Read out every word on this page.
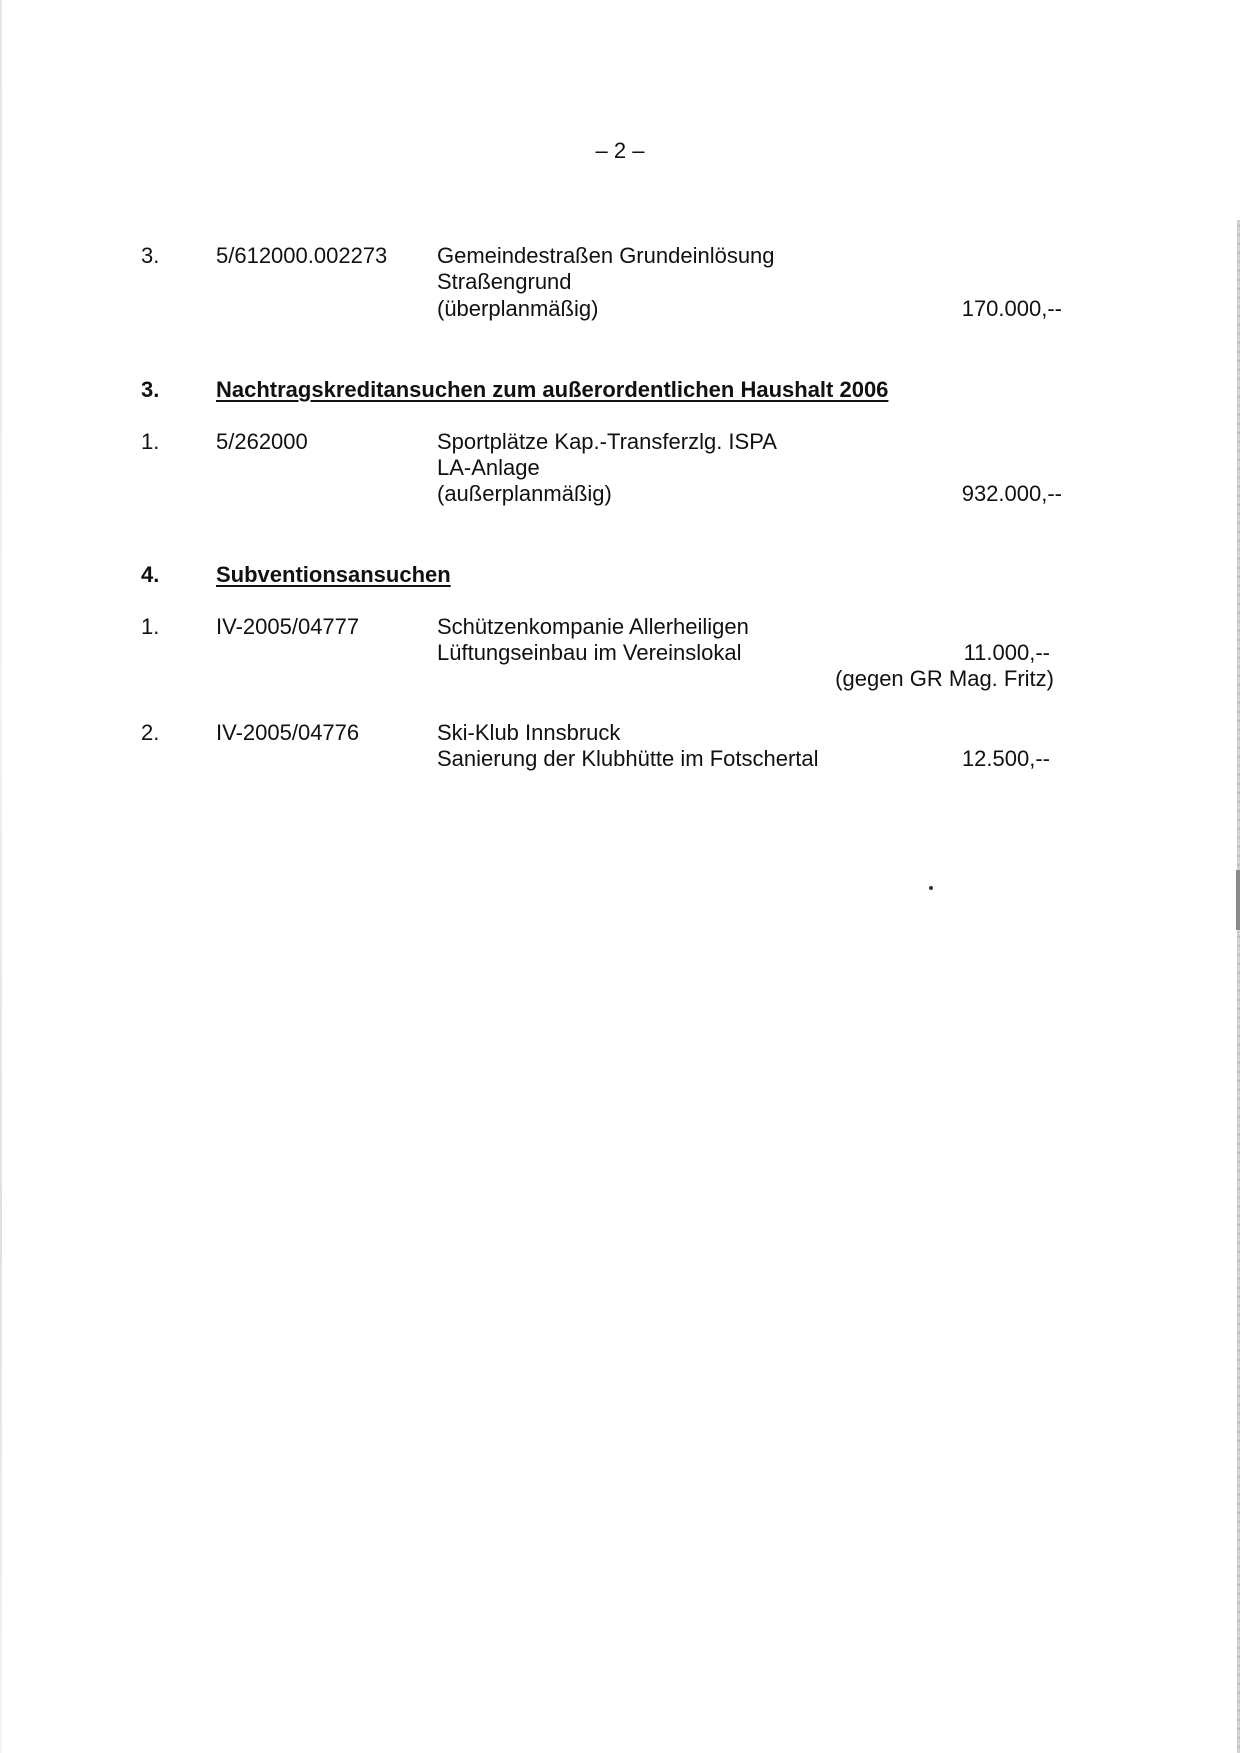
– 2 –
3.	5/612000.002273 Gemeindestraßen Grundeinlösung
Straßengrund
(überplanmäßig)	170.000,--
3.	Nachtragskreditansuchen zum außerordentlichen Haushalt 2006
1.	5/262000	Sportplätze Kap.-Transferzlg. ISPA
LA-Anlage
(außerplanmäßig)	932.000,--
4.	Subventionsansuchen
1.	IV-2005/04777	Schützenkompanie Allerheiligen
Lüftungseinbau im Vereinslokal	11.000,--
(gegen GR Mag. Fritz)
2.	IV-2005/04776	Ski-Klub Innsbruck
Sanierung der Klubhütte im Fotschertal	12.500,--
